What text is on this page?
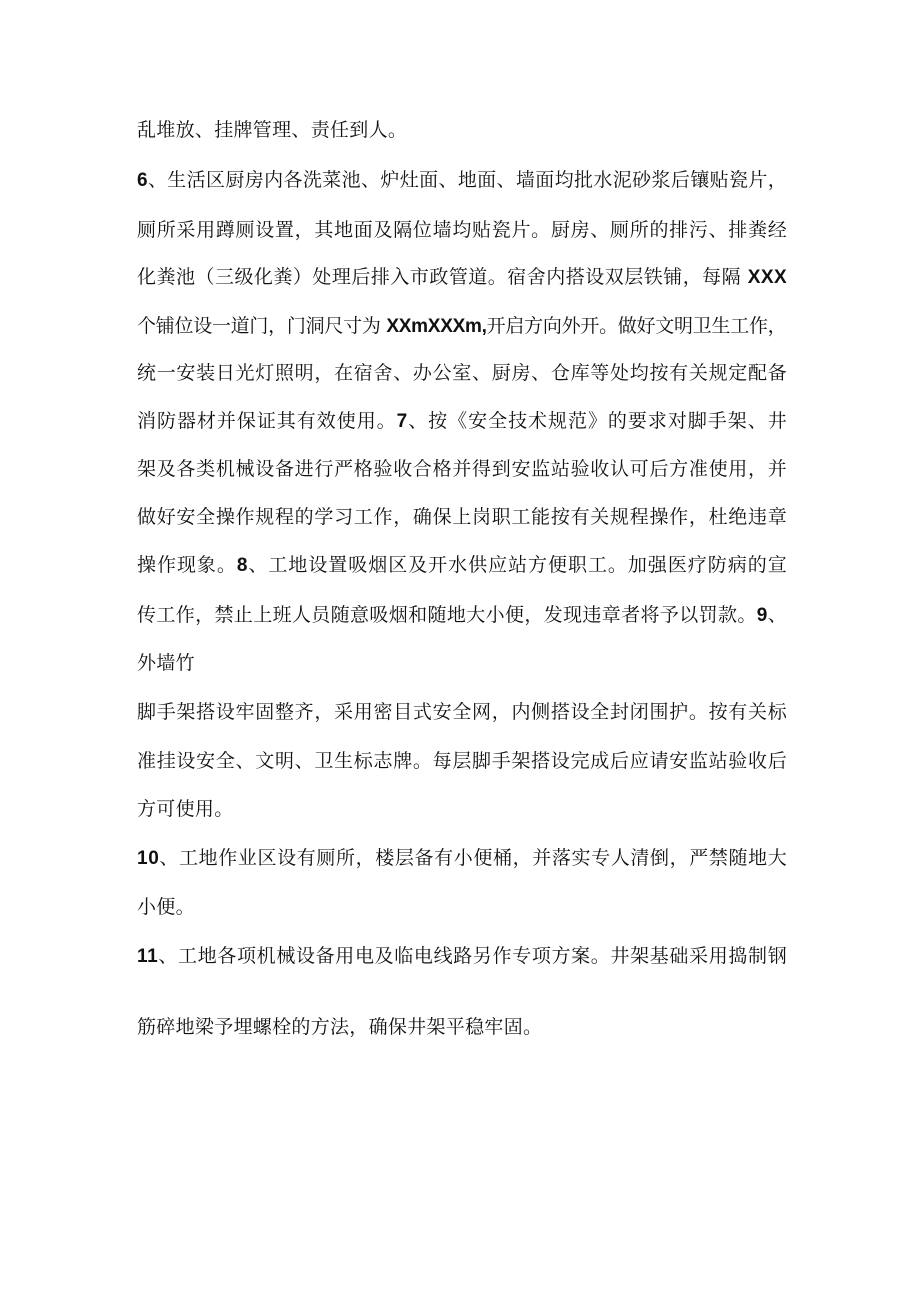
乱堆放、挂牌管理、责任到人。
6、生活区厨房内各洗菜池、炉灶面、地面、墙面均批水泥砂浆后镶贴瓷片，
厕所采用蹲厕设置，其地面及隔位墙均贴瓷片。厨房、厕所的排污、排粪经
化粪池（三级化粪）处理后排入市政管道。宿舍内搭设双层铁铺，每隔 XXX
个铺位设一道门，门洞尺寸为 XXmXXXm,开启方向外开。做好文明卫生工作，
统一安装日光灯照明，在宿舍、办公室、厨房、仓库等处均按有关规定配备
消防器材并保证其有效使用。7、按《安全技术规范》的要求对脚手架、井
架及各类机械设备进行严格验收合格并得到安监站验收认可后方准使用，并
做好安全操作规程的学习工作，确保上岗职工能按有关规程操作，杜绝违章
操作现象。8、工地设置吸烟区及开水供应站方便职工。加强医疗防病的宣
传工作，禁止上班人员随意吸烟和随地大小便，发现违章者将予以罚款。9、
外墙竹
脚手架搭设牢固整齐，采用密目式安全网，内侧搭设全封闭围护。按有关标
准挂设安全、文明、卫生标志牌。每层脚手架搭设完成后应请安监站验收后
方可使用。
10、工地作业区设有厕所，楼层备有小便桶，并落实专人清倒，严禁随地大
小便。
11、工地各项机械设备用电及临电线路另作专项方案。井架基础采用捣制钢
筋碎地梁予埋螺栓的方法，确保井架平稳牢固。
